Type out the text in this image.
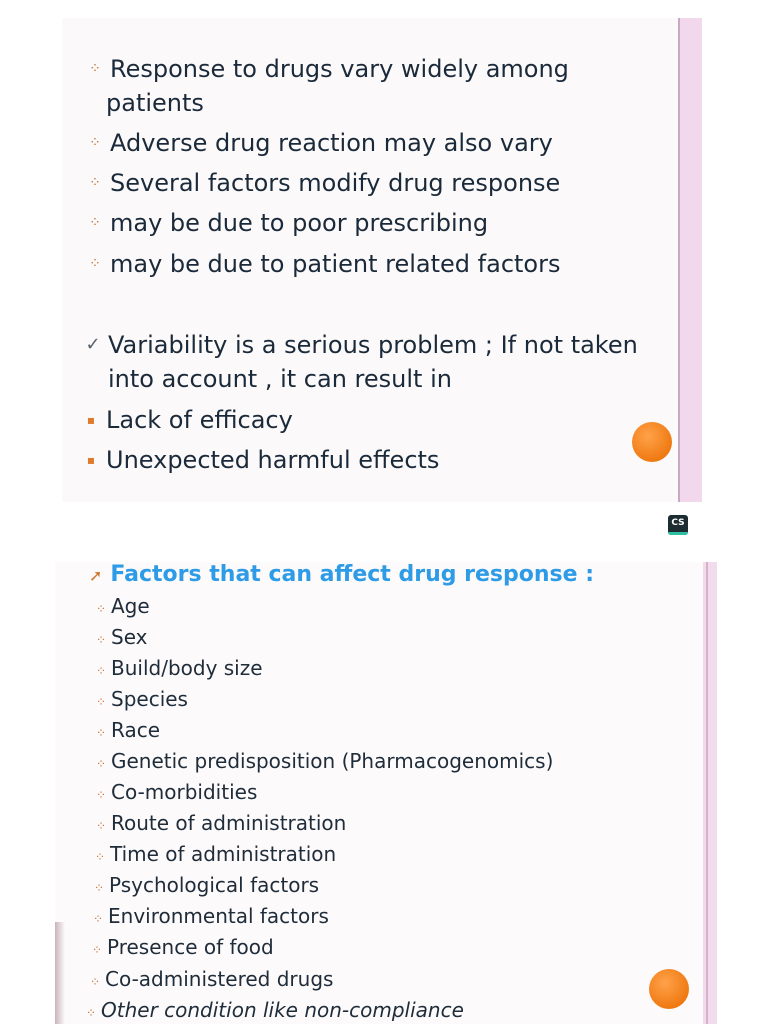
⁘ Response to drugs vary widely among
patients
⁘ Adverse drug reaction may also vary
⁘ Several factors modify drug response
⁘ may be due to poor prescribing
⁘ may be due to patient related factors
✓ Variability is a serious problem ; If not taken
into account , it can result in
▪ Lack of efficacy
▪ Unexpected harmful effects
CS
➚ Factors that can affect drug response :
⁘ Age
⁘ Sex
⁘ Build/body size
⁘ Species
⁘ Race
⁘ Genetic predisposition (Pharmacogenomics)
⁘ Co-morbidities
⁘ Route of administration
⁘ Time of administration
⁘ Psychological factors
⁘ Environmental factors
⁘ Presence of food
⁘ Co-administered drugs
⁘ Other condition like non-compliance
